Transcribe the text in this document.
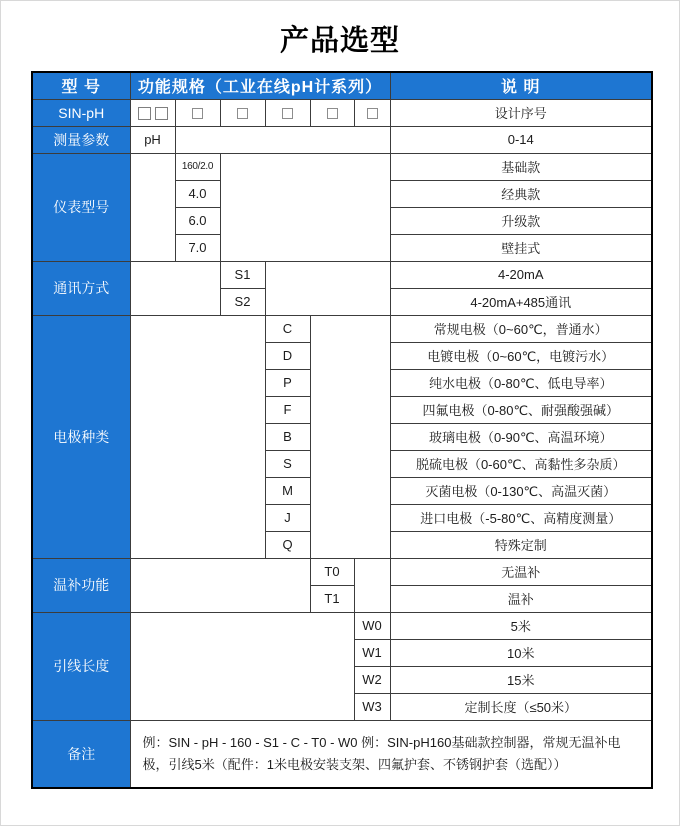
产品选型
型 号	功能规格（工业在线pH计系列）						说 明
SIN-pH							设计序号
测量参数	pH						0-14
仪表型号		160/2.0					基础款
		4.0					经典款
		6.0					升级款
		7.0					壁挂式
通讯方式			S1				4-20mA
			S2				4-20mA+485通讯
电极种类				C			常规电极（0~60℃，普通水）
				D			电镀电极（0~60℃，电镀污水）
				P			纯水电极（0-80℃、低电导率）
				F			四氟电极（0-80℃、耐强酸强碱）
				B			玻璃电极（0-90℃、高温环境）
				S			脱硫电极（0-60℃、高黏性多杂质）
				M			灭菌电极（0-130℃、高温灭菌）
				J			进口电极（-5-80℃、高精度测量）
				Q			特殊定制
温补功能					T0		无温补
					T1		温补
引线长度						W0	5米
						W1	10米
						W2	15米
						W3	定制长度（≤50米）
备注	例：SIN - pH - 160 - S1 - C - T0 - W0 例：SIN-pH160基础款控制器，常规无温补电极，引线5米（配件：1米电极安装支架、四氟护套、不锈钢护套（选配））						
